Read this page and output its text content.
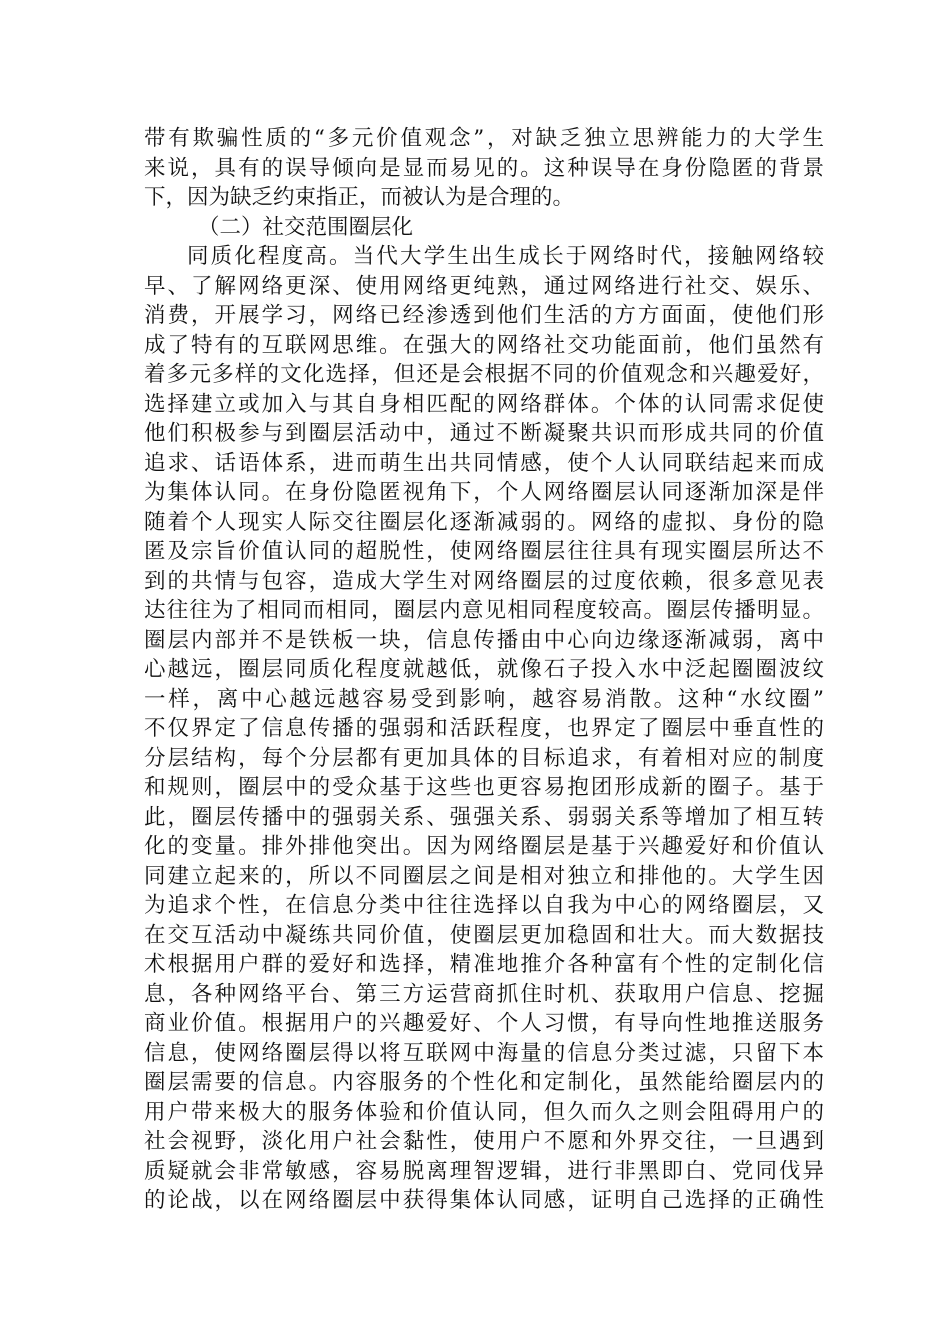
带有欺骗性质的“多元价值观念”，对缺乏独立思辨能力的大学生
来说，具有的误导倾向是显而易见的。这种误导在身份隐匿的背景
下，因为缺乏约束指正，而被认为是合理的。
（二）社交范围圈层化
同质化程度高。当代大学生出生成长于网络时代，接触网络较
早、了解网络更深、使用网络更纯熟，通过网络进行社交、娱乐、
消费，开展学习，网络已经渗透到他们生活的方方面面，使他们形
成了特有的互联网思维。在强大的网络社交功能面前，他们虽然有
着多元多样的文化选择，但还是会根据不同的价值观念和兴趣爱好，
选择建立或加入与其自身相匹配的网络群体。个体的认同需求促使
他们积极参与到圈层活动中，通过不断凝聚共识而形成共同的价值
追求、话语体系，进而萌生出共同情感，使个人认同联结起来而成
为集体认同。在身份隐匿视角下，个人网络圈层认同逐渐加深是伴
随着个人现实人际交往圈层化逐渐减弱的。网络的虚拟、身份的隐
匿及宗旨价值认同的超脱性，使网络圈层往往具有现实圈层所达不
到的共情与包容，造成大学生对网络圈层的过度依赖，很多意见表
达往往为了相同而相同，圈层内意见相同程度较高。圈层传播明显。
圈层内部并不是铁板一块，信息传播由中心向边缘逐渐减弱，离中
心越远，圈层同质化程度就越低，就像石子投入水中泛起圈圈波纹
一样，离中心越远越容易受到影响，越容易消散。这种“水纹圈”
不仅界定了信息传播的强弱和活跃程度，也界定了圈层中垂直性的
分层结构，每个分层都有更加具体的目标追求，有着相对应的制度
和规则，圈层中的受众基于这些也更容易抱团形成新的圈子。基于
此，圈层传播中的强弱关系、强强关系、弱弱关系等增加了相互转
化的变量。排外排他突出。因为网络圈层是基于兴趣爱好和价值认
同建立起来的，所以不同圈层之间是相对独立和排他的。大学生因
为追求个性，在信息分类中往往选择以自我为中心的网络圈层，又
在交互活动中凝练共同价值，使圈层更加稳固和壮大。而大数据技
术根据用户群的爱好和选择，精准地推介各种富有个性的定制化信
息，各种网络平台、第三方运营商抓住时机、获取用户信息、挖掘
商业价值。根据用户的兴趣爱好、个人习惯，有导向性地推送服务
信息，使网络圈层得以将互联网中海量的信息分类过滤，只留下本
圈层需要的信息。内容服务的个性化和定制化，虽然能给圈层内的
用户带来极大的服务体验和价值认同，但久而久之则会阻碍用户的
社会视野，淡化用户社会黏性，使用户不愿和外界交往，一旦遇到
质疑就会非常敏感，容易脱离理智逻辑，进行非黑即白、党同伐异
的论战，以在网络圈层中获得集体认同感，证明自己选择的正确性
